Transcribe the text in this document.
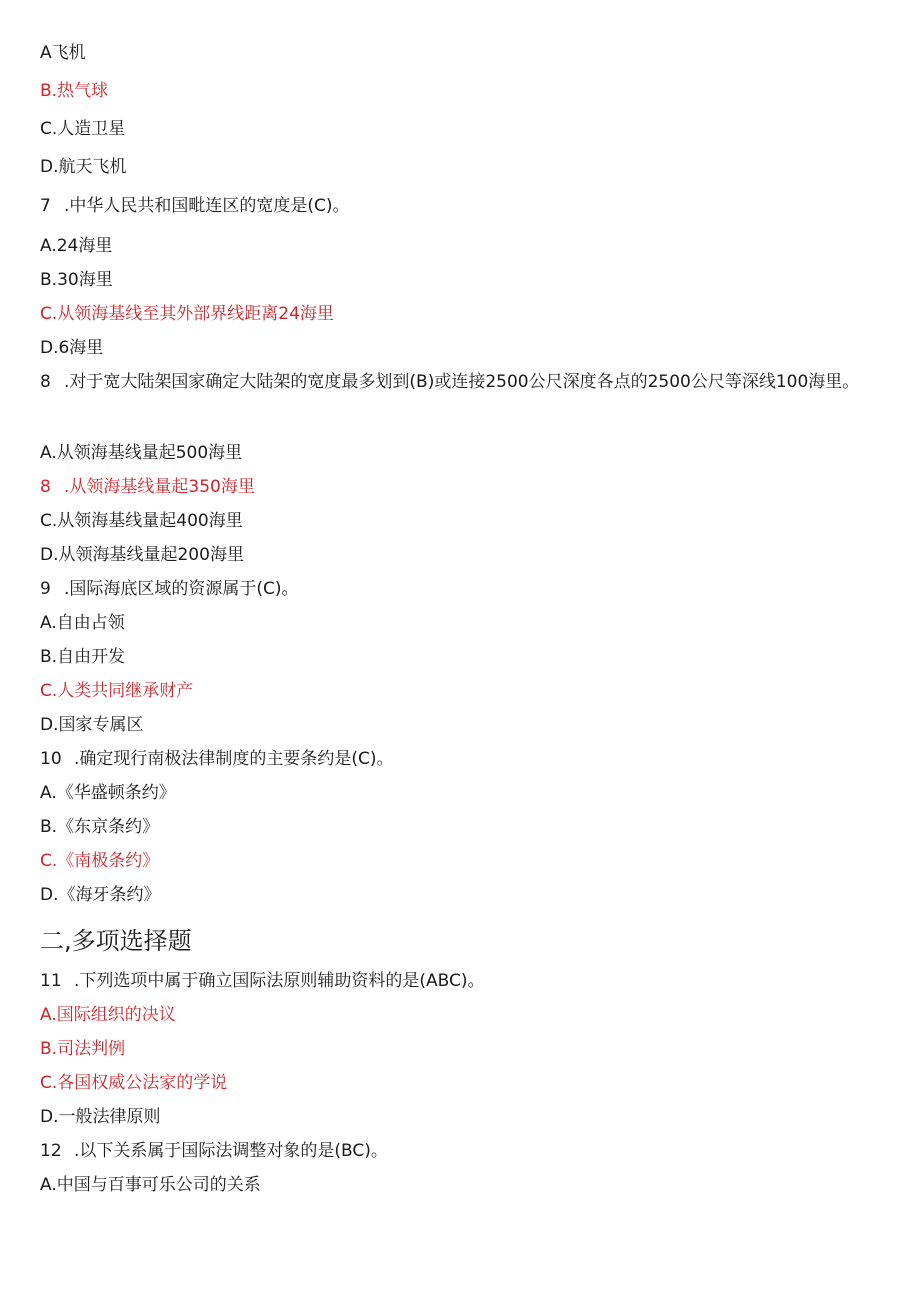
A飞机
B.热气球
C.人造卫星
D.航天飞机
7 .中华人民共和国毗连区的宽度是(C)。
A.24海里
B.30海里
C.从领海基线至其外部界线距离24海里
D.6海里
8 .对于宽大陆架国家确定大陆架的宽度最多划到(B)或连接2500公尺深度各点的2500公尺等深线100海里。
A.从领海基线量起500海里
8 .从领海基线量起350海里
C.从领海基线量起400海里
D.从领海基线量起200海里
9 .国际海底区域的资源属于(C)。
A.自由占领
B.自由开发
C.人类共同继承财产
D.国家专属区
10 .确定现行南极法律制度的主要条约是(C)。
A.《华盛顿条约》
B.《东京条约》
C.《南极条约》
D.《海牙条约》
二,多项选择题
11 .下列选项中属于确立国际法原则辅助资料的是(ABC)。
A.国际组织的决议
B.司法判例
C.各国权威公法家的学说
D.一般法律原则
12 .以下关系属于国际法调整对象的是(BC)。
A.中国与百事可乐公司的关系
